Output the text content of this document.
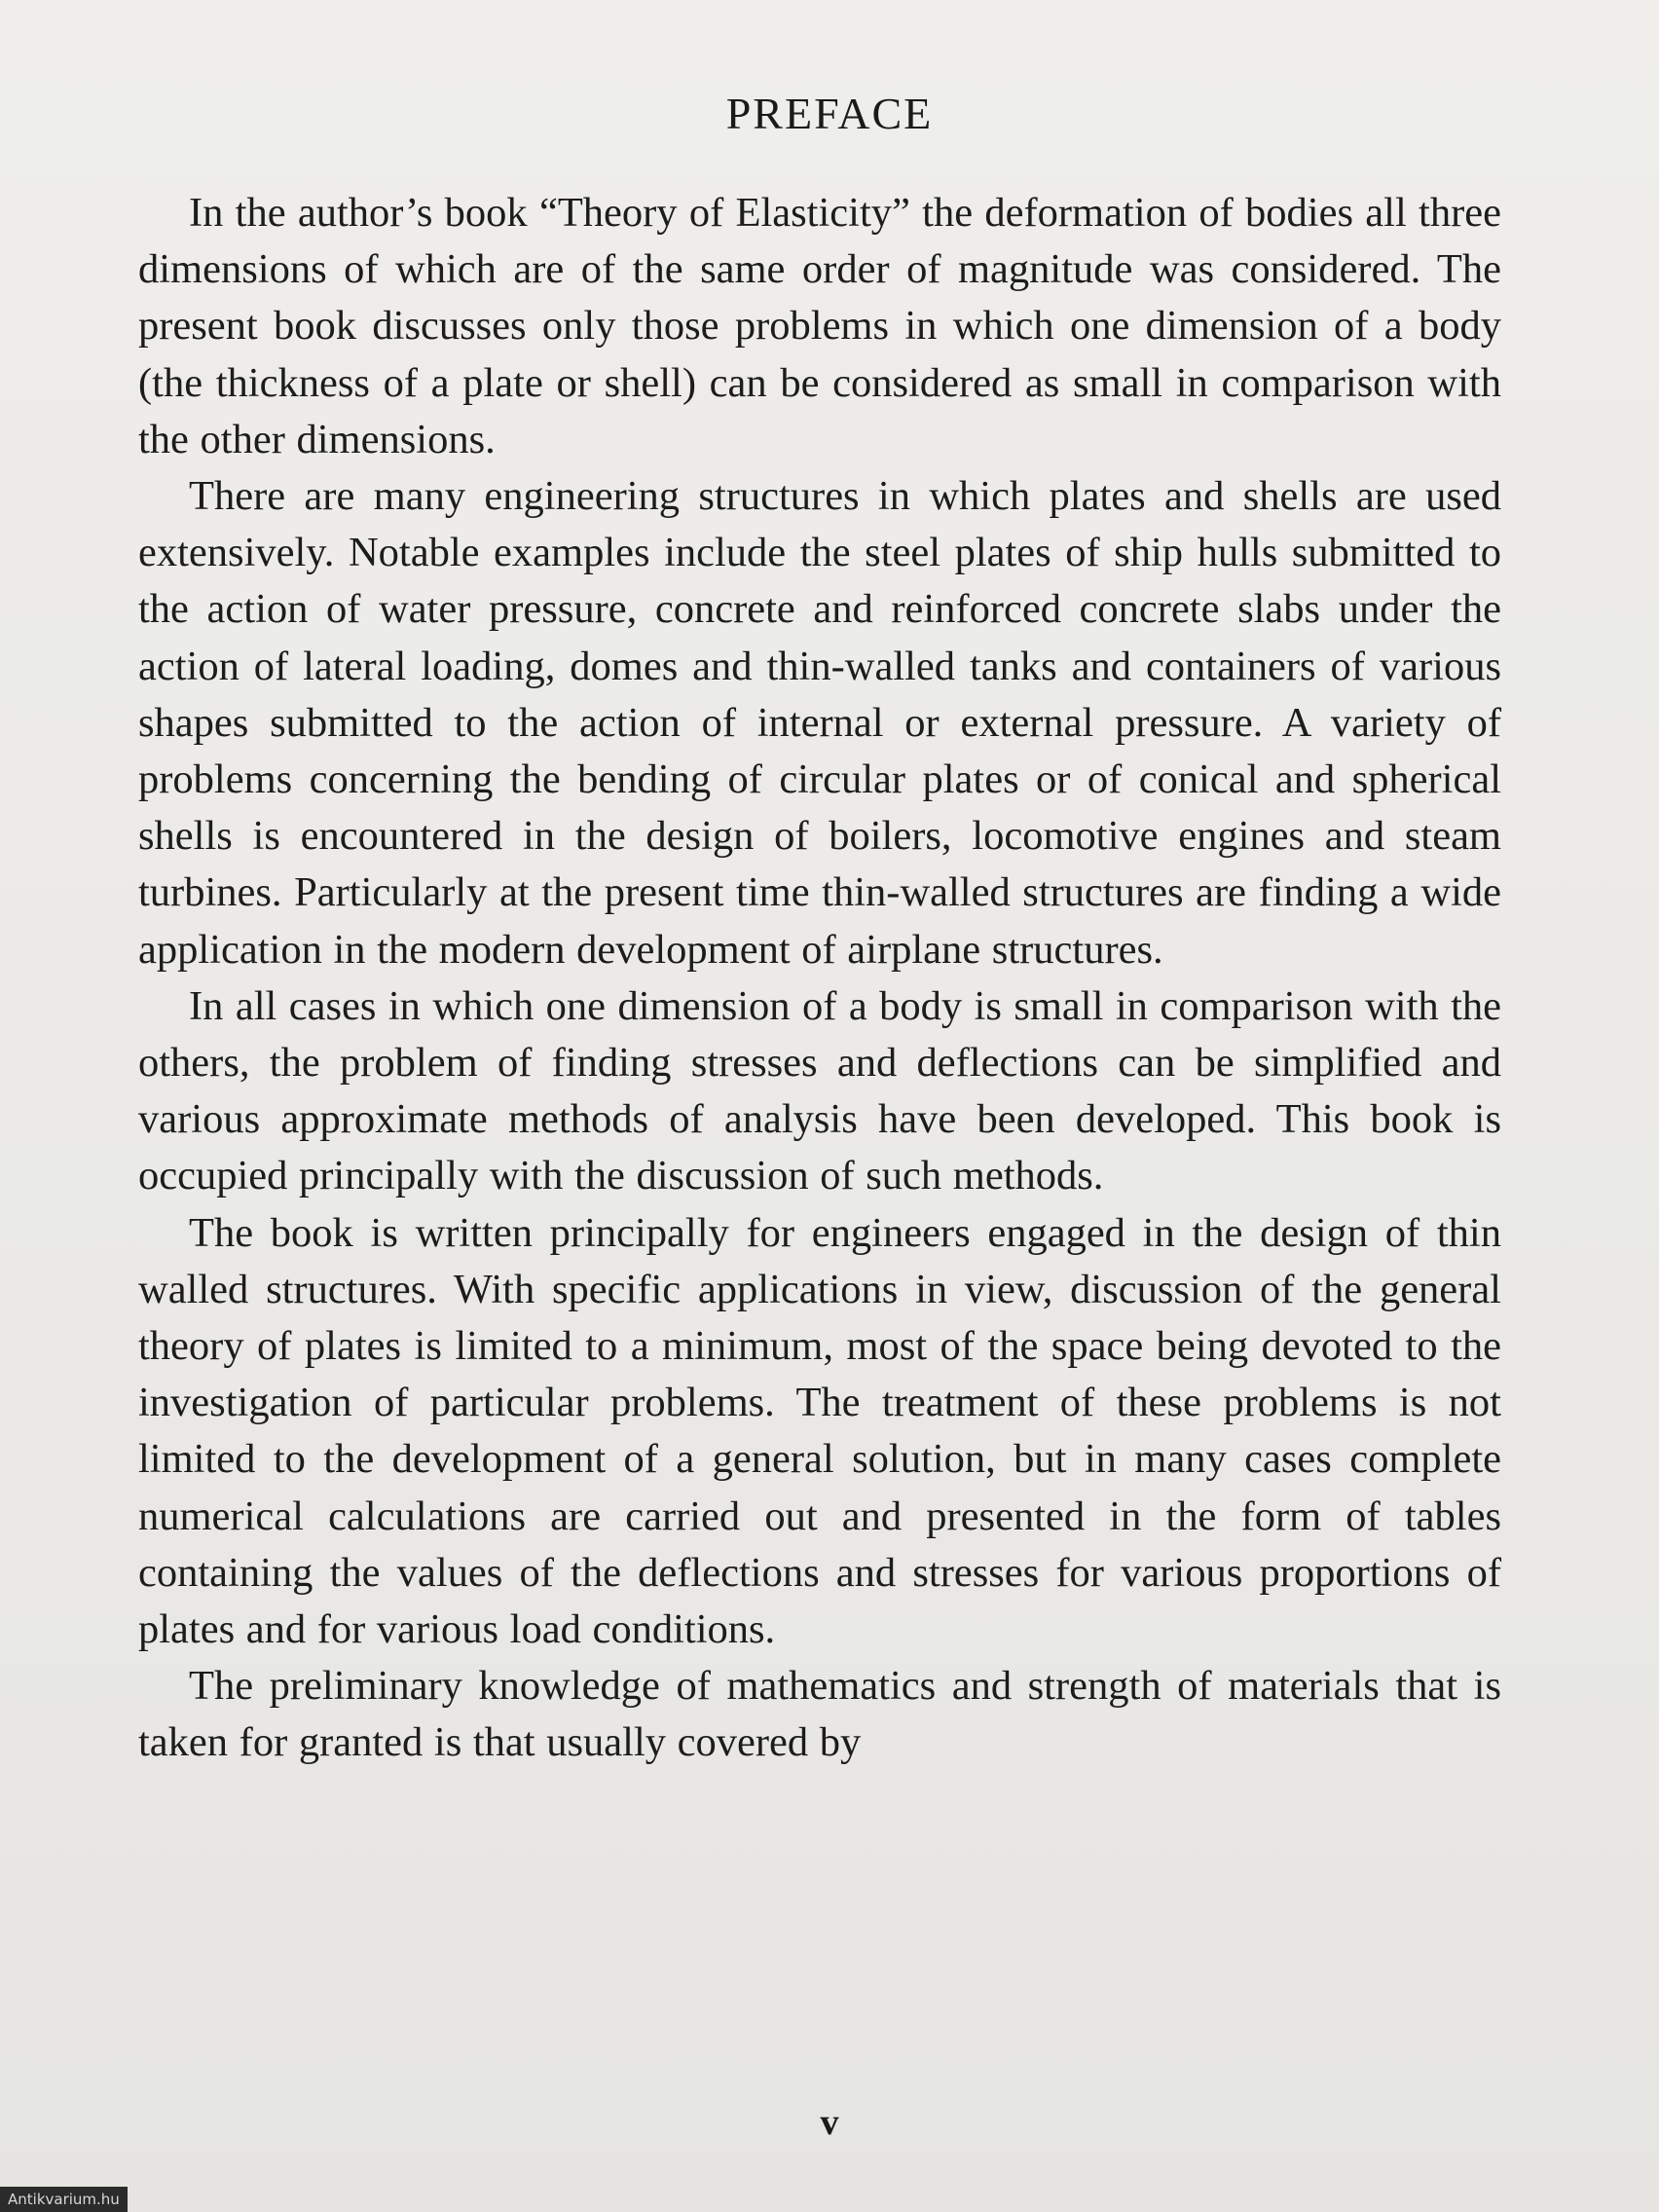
PREFACE

In the author’s book “Theory of Elasticity” the deformation of bodies all three dimensions of which are of the same order of magnitude was considered. The present book discusses only those problems in which one dimension of a body (the thickness of a plate or shell) can be considered as small in comparison with the other dimensions.

There are many engineering structures in which plates and shells are used extensively. Notable examples include the steel plates of ship hulls submitted to the action of water pressure, concrete and reinforced concrete slabs under the action of lateral loading, domes and thin-walled tanks and containers of various shapes submitted to the action of internal or external pressure. A variety of problems concerning the bending of circular plates or of conical and spherical shells is encountered in the design of boilers, locomotive engines and steam turbines. Particularly at the present time thin-walled structures are finding a wide application in the modern development of airplane structures.

In all cases in which one dimension of a body is small in comparison with the others, the problem of finding stresses and deflections can be simplified and various approximate methods of analysis have been developed. This book is occupied principally with the discussion of such methods.

The book is written principally for engineers engaged in the design of thin walled structures. With specific applications in view, discussion of the general theory of plates is limited to a minimum, most of the space being devoted to the investigation of particular problems. The treatment of these problems is not limited to the development of a general solution, but in many cases complete numerical calculations are carried out and presented in the form of tables containing the values of the deflections and stresses for various proportions of plates and for various load conditions.

The preliminary knowledge of mathematics and strength of materials that is taken for granted is that usually covered by

v

Antikvarium.hu
